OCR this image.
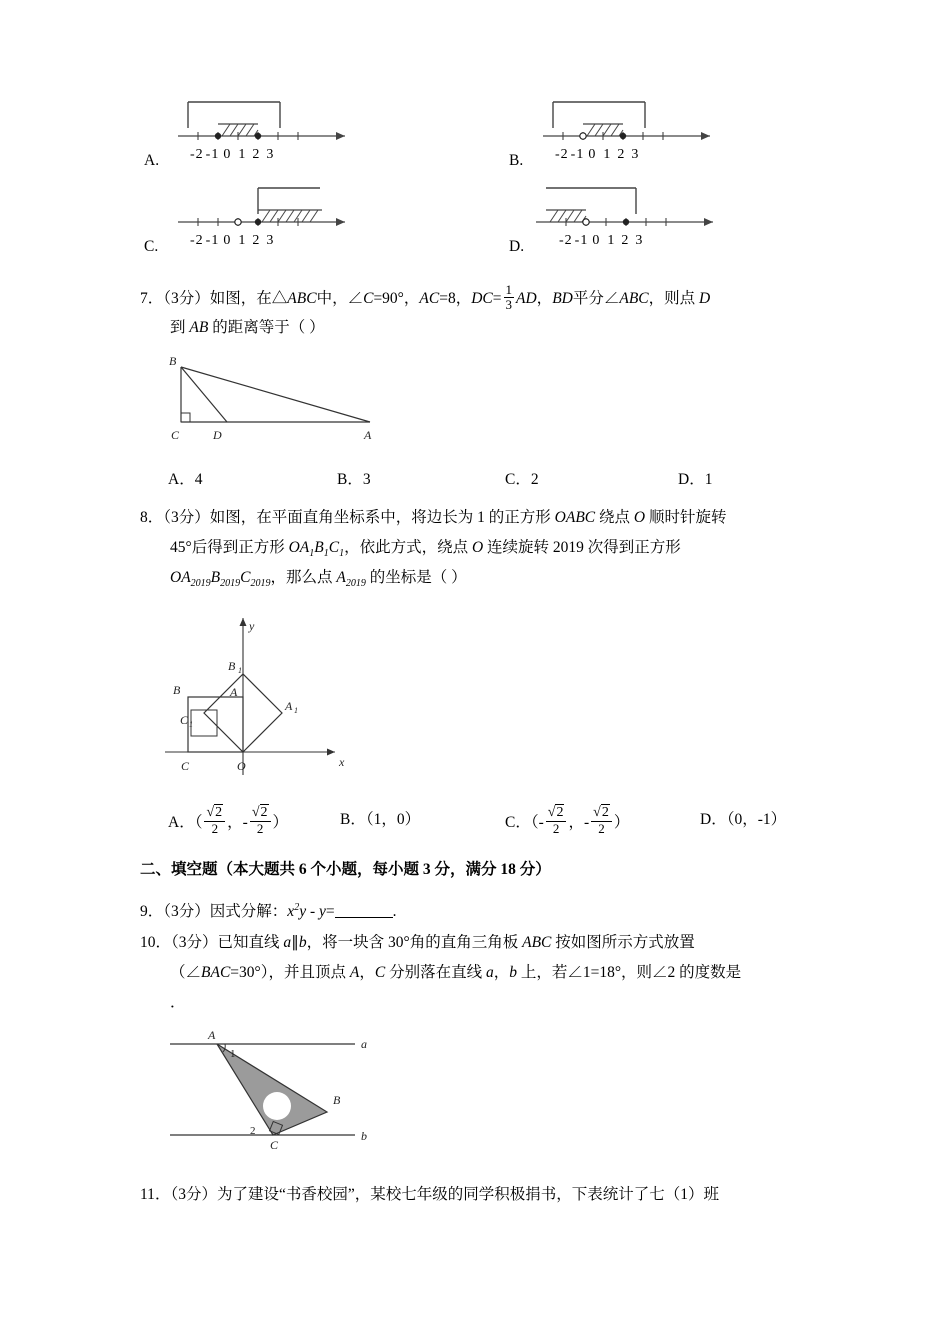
-2 -1 0 1 2 3
A.	-2 -1 0 1 2 3
B.
-2 -1 0 1 2 3
C.	-2 -1 0 1 2 3
D.
7．（3分）如图，在△ABC中，∠C=90°，AC=8，$DC= \frac{1}{3}$ AD，BD平分∠ABC，则点 D
到 AB 的距离等于（ ）
B
C	D	A
A．4	B．3	C．2	D．1
8．（3分）如图，在平面直角坐标系中，将边长为 1 的正方形 OABC 绕点 O 顺时针旋转
45°后得到正方形 $OA_1B_1C_1$，依此方式，绕点 O 连续旋转 2019 次得到正方形
$OA_{2019}B_{2019}C_{2019}$，那么点 $A_{2019}$ 的坐标是（ ）
y
x
B 1
A
A 1
B
C 1
C	O
A．（ $\frac{√2}{2}$ ，- $\frac{√2}{2}$ ）	B．（1，0）	C．（- $\frac{√2}{2}$ ，- $\frac{√2}{2}$ ）	D．（0，-1）
二、填空题（本大题共 6 个小题，每小题 3 分，满分 18 分）
9．（3分）因式分解：$x^2y - y=$	.
10．（3分）已知直线 a∥b，将一块含 30°角的直角三角板 ABC 按如图所示方式放置
（∠BAC=30°），并且顶点 A，C 分别落在直线 a，b 上，若∠1=18°，则∠2 的度数是
．
A
a
1
B
2
C
b
11．（3分）为了建设“书香校园”，某校七年级的同学积极捐书，下表统计了七（1）班
